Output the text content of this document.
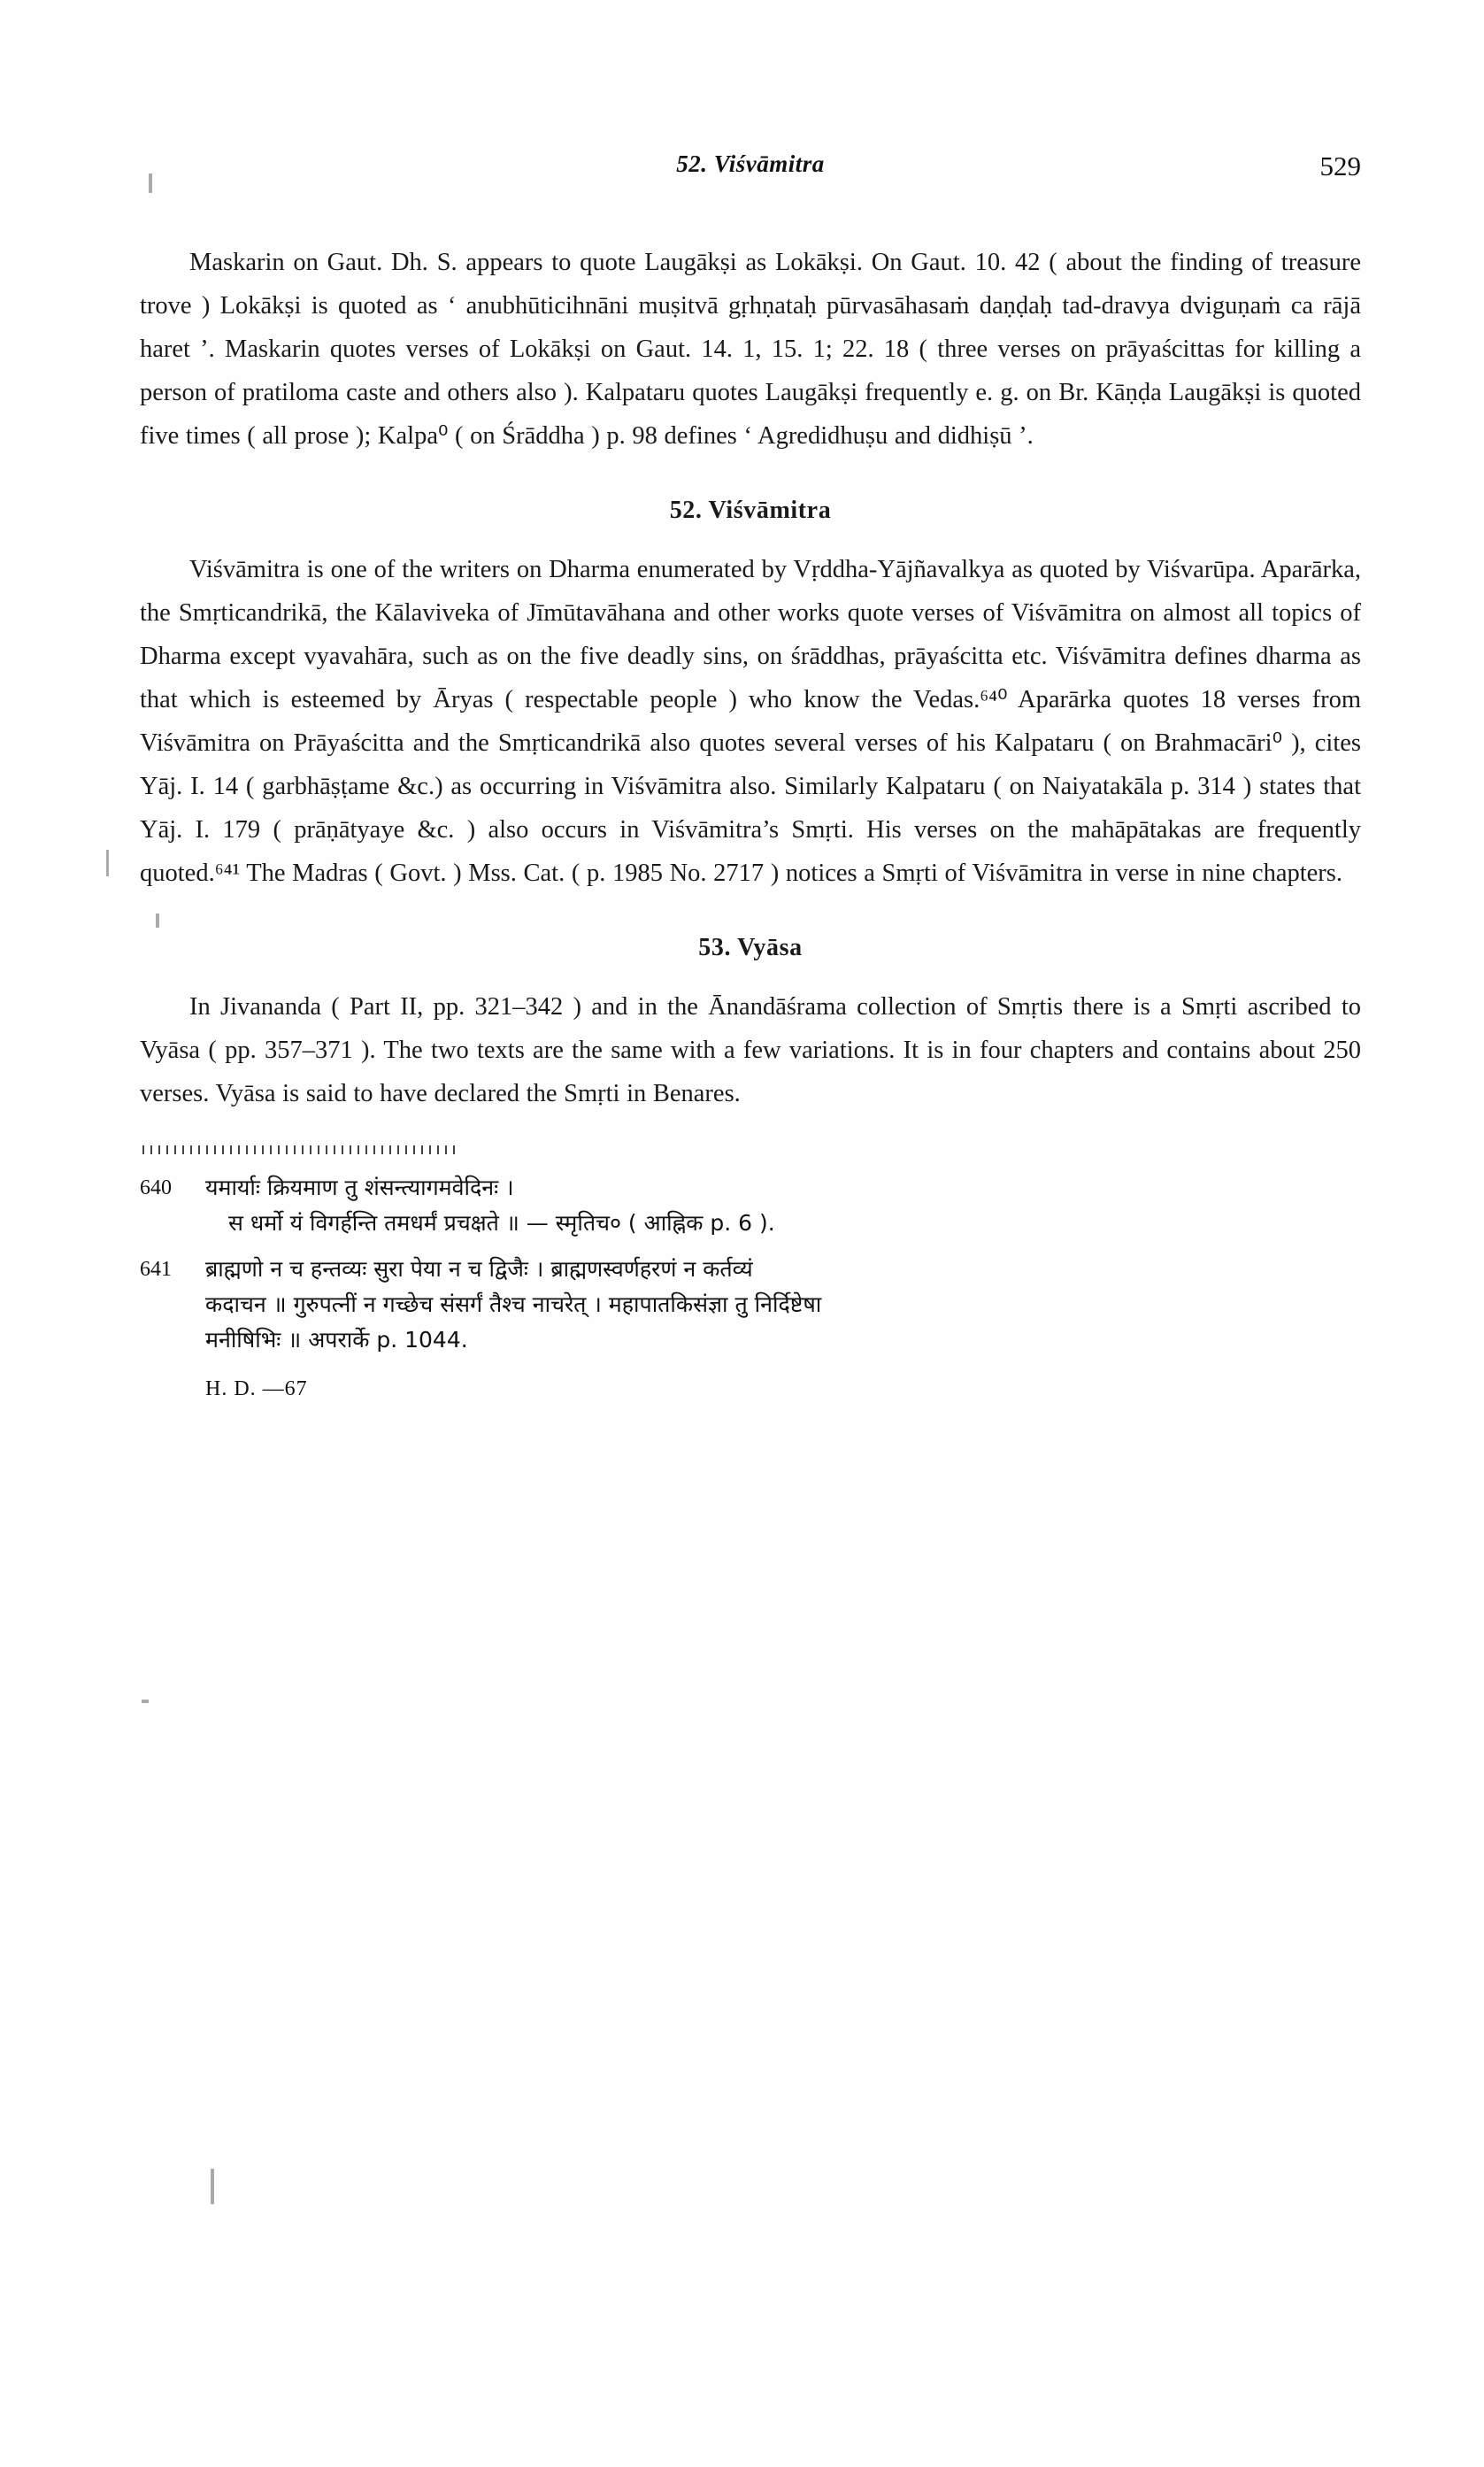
52. Viśvāmitra	529

Maskarin on Gaut. Dh. S. appears to quote Laugākṣi as Lokākṣi. On Gaut. 10. 42 ( about the finding of treasure trove ) Lokākṣi is quoted as ‘ anubhūticihnāni muṣitvā gṛhṇataḥ pūrvasāhasaṁ daṇḍaḥ tad-dravya dviguṇaṁ ca rājā haret ’. Maskarin quotes verses of Lokākṣi on Gaut. 14. 1, 15. 1; 22. 18 ( three verses on prāyaścittas for killing a person of pratiloma caste and others also ). Kalpataru quotes Laugākṣi frequently e. g. on Br. Kāṇḍa Laugākṣi is quoted five times ( all prose ); Kalpa⁰ ( on Śrāddha ) p. 98 defines ‘ Agredidhuṣu and didhiṣū ’.

52. Viśvāmitra

Viśvāmitra is one of the writers on Dharma enumerated by Vṛddha-Yājñavalkya as quoted by Viśvarūpa. Aparārka, the Smṛticandrikā, the Kālaviveka of Jīmūtavāhana and other works quote verses of Viśvāmitra on almost all topics of Dharma except vyavahāra, such as on the five deadly sins, on śrāddhas, prāyaścitta etc. Viśvāmitra defines dharma as that which is esteemed by Āryas ( respectable people ) who know the Vedas.⁶⁴⁰ Aparārka quotes 18 verses from Viśvāmitra on Prāyaścitta and the Smṛticandrikā also quotes several verses of his Kalpataru ( on Brahmacāri⁰ ), cites Yāj. I. 14 ( garbhāṣṭame &c.) as occurring in Viśvāmitra also. Similarly Kalpataru ( on Naiyatakāla p. 314 ) states that Yāj. I. 179 ( prāṇātyaye &c. ) also occurs in Viśvāmitra’s Smṛti. His verses on the mahāpātakas are frequently quoted.⁶⁴¹ The Madras ( Govt. ) Mss. Cat. ( p. 1985 No. 2717 ) notices a Smṛti of Viśvāmitra in verse in nine chapters.

53. Vyāsa

In Jivananda ( Part II, pp. 321–342 ) and in the Ānandāśrama collection of Smṛtis there is a Smṛti ascribed to Vyāsa ( pp. 357–371 ). The two texts are the same with a few variations. It is in four chapters and contains about 250 verses. Vyāsa is said to have declared the Smṛti in Benares.

640	यमार्याः क्रियमाण तु शंसन्त्यागमवेदिनः ।
स धर्मो यं विगर्हन्ति तमधर्मं प्रचक्षते ॥ — स्मृतिच० ( आह्निक p. 6 ).
641	ब्राह्मणो न च हन्तव्यः सुरा पेया न च द्विजैः । ब्राह्मणस्वर्णहरणं न कर्तव्यं
कदाचन ॥ गुरुपत्नीं न गच्छेच संसर्गं तैश्च नाचरेत् । महापातकिसंज्ञा तु निर्दिष्टेषा
मनीषिभिः ॥ अपरार्के p. 1044.
H. D. —67
